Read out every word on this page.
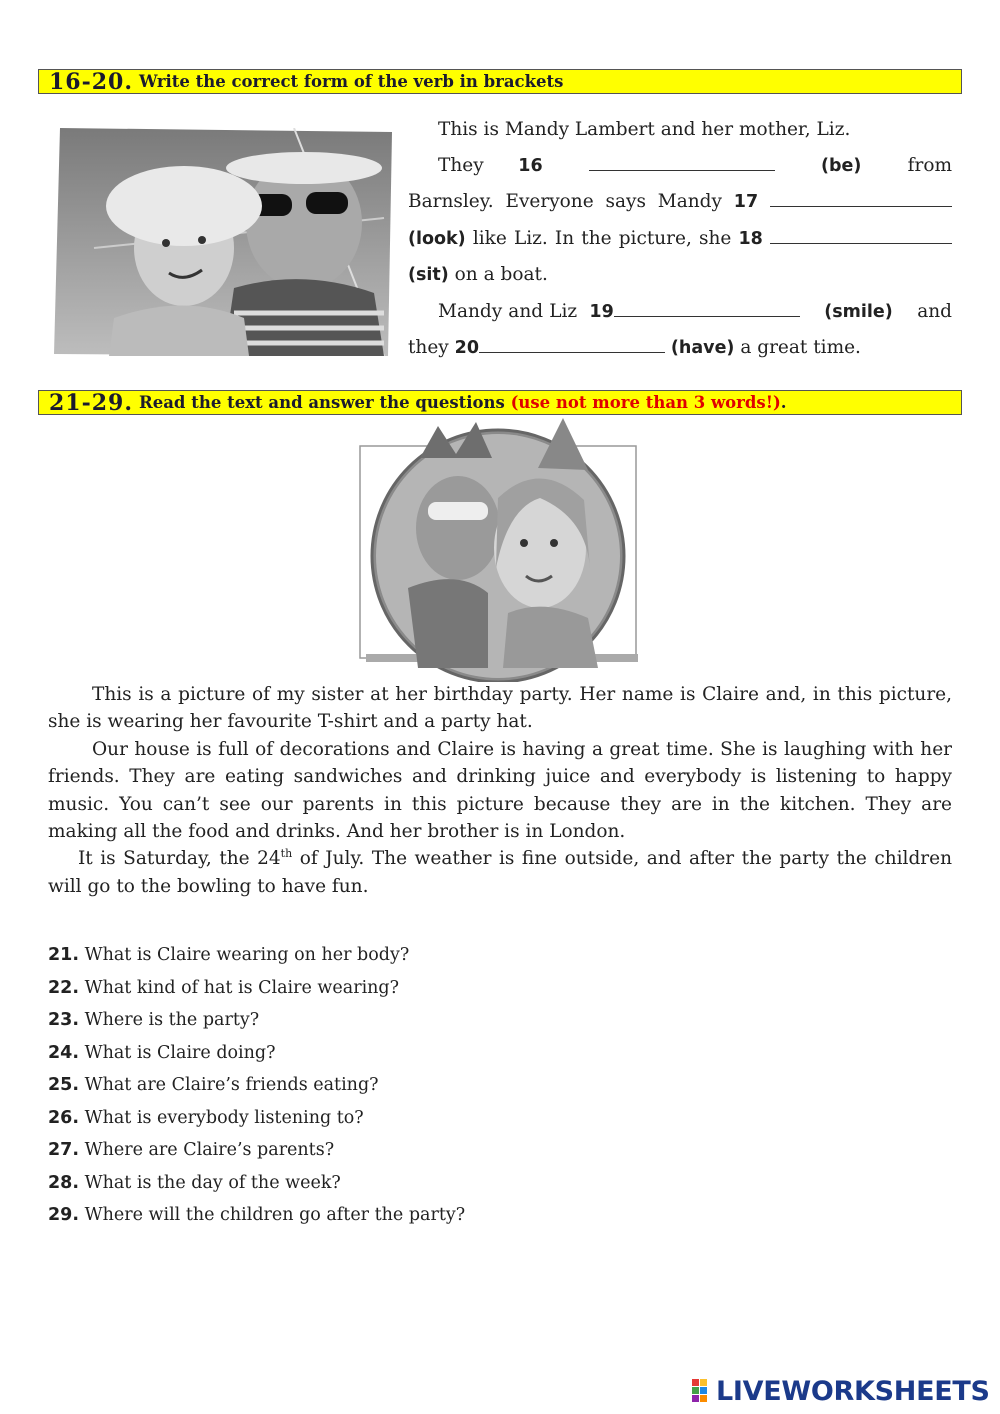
16-20. Write the correct form of the verb in brackets

This is Mandy Lambert and her mother, Liz.

They 16	(be) from Barnsley. Everyone says Mandy 17  (look) like Liz. In the picture, she 18  (sit) on a boat.

Mandy and Liz 19	(smile) and they 20	(have) a great time.

21-29. Read the text and answer the questions
(use not more than 3 words!) .

This is a picture of my sister at her birthday party. Her name is Claire and, in this picture, she is wearing her favourite T-shirt and a party hat.

Our house is full of decorations and Claire is having a great time. She is laughing with her friends. They are eating sandwiches and drinking juice and everybody is listening to happy music. You can’t see our parents in this picture because they are in the kitchen. They are making all the food and drinks. And her brother is in London.

It is Saturday, the 24th of July. The weather is fine outside, and after the party the children will go to the bowling to have fun.

21. What is Claire wearing on her body?
22. What kind of hat is Claire wearing?
23. Where is the party?
24. What is Claire doing?
25. What are Claire’s friends eating?
26. What is everybody listening to?
27. Where are Claire’s parents?
28. What is the day of the week?
29. Where will the children go after the party?
LIVEWORKSHEETS
